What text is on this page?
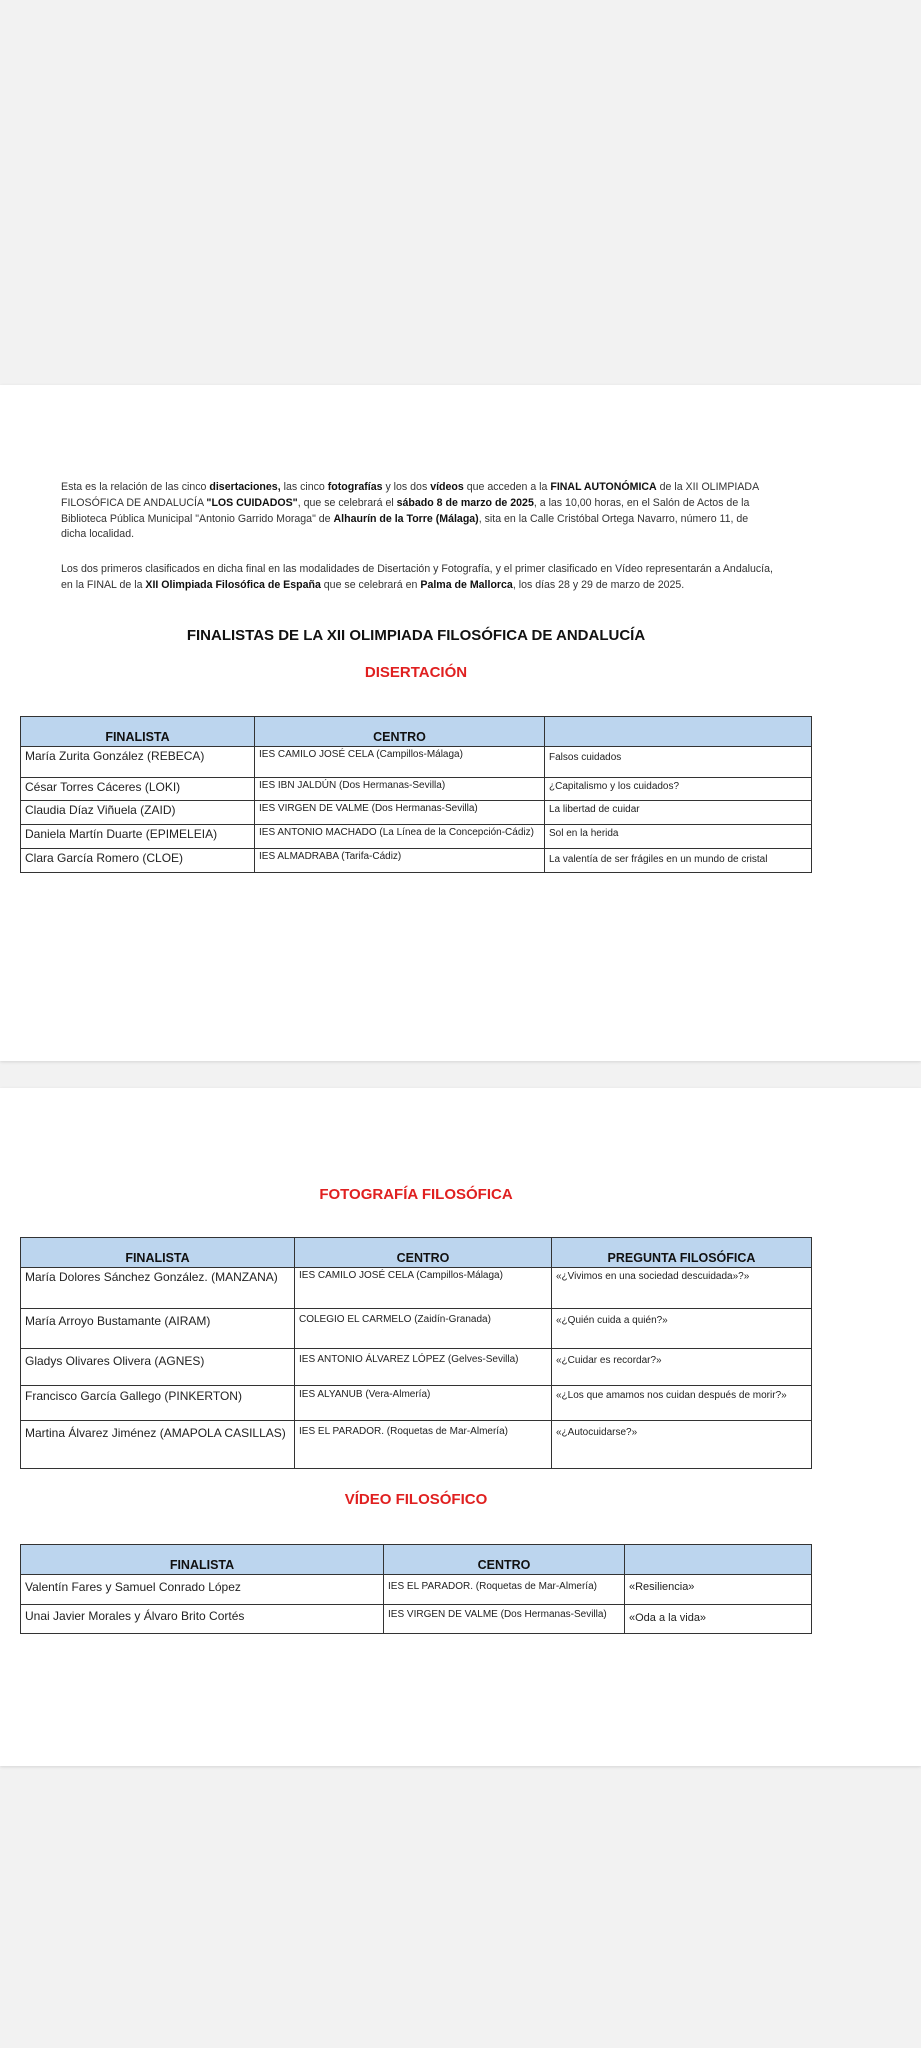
Esta es la relación de las cinco disertaciones, las cinco fotografías y los dos vídeos que acceden a la FINAL AUTONÓMICA de la XII OLIMPIADA FILOSÓFICA DE ANDALUCÍA "LOS CUIDADOS", que se celebrará el sábado 8 de marzo de 2025, a las 10,00 horas, en el Salón de Actos de la Biblioteca Pública Municipal "Antonio Garrido Moraga" de Alhaurín de la Torre (Málaga), sita en la Calle Cristóbal Ortega Navarro, número 11, de dicha localidad.

Los dos primeros clasificados en dicha final en las modalidades de Disertación y Fotografía, y el primer clasificado en Vídeo representarán a Andalucía, en la FINAL de la XII Olimpiada Filosófica de España que se celebrará en Palma de Mallorca, los días 28 y 29 de marzo de 2025.

FINALISTAS DE LA XII OLIMPIADA FILOSÓFICA DE ANDALUCÍA
DISERTACIÓN
FINALISTA	CENTRO	
María Zurita González (REBECA)	IES CAMILO JOSÉ CELA (Campillos-Málaga)	Falsos cuidados
César Torres Cáceres (LOKI)	IES IBN JALDÚN (Dos Hermanas-Sevilla)	¿Capitalismo y los cuidados?
Claudia Díaz Viñuela (ZAID)	IES VIRGEN DE VALME (Dos Hermanas-Sevilla)	La libertad de cuidar
Daniela Martín Duarte (EPIMELEIA)	IES ANTONIO MACHADO (La Línea de la Concepción-Cádiz)	Sol en la herida
Clara García Romero (CLOE)	IES ALMADRABA (Tarifa-Cádiz)	La valentía de ser frágiles en un mundo de cristal
FOTOGRAFÍA FILOSÓFICA
FINALISTA	CENTRO	PREGUNTA FILOSÓFICA
María Dolores Sánchez González. (MANZANA)	IES CAMILO JOSÉ CELA (Campillos-Málaga)	«¿Vivimos en una sociedad descuidada»?»
María Arroyo Bustamante (AIRAM)	COLEGIO EL CARMELO (Zaidín-Granada)	«¿Quién cuida a quién?»
Gladys Olivares Olivera (AGNES)	IES ANTONIO ÁLVAREZ LÓPEZ (Gelves-Sevilla)	«¿Cuidar es recordar?»
Francisco García Gallego (PINKERTON)	IES ALYANUB (Vera-Almería)	«¿Los que amamos nos cuidan después de morir?»
Martina Álvarez Jiménez (AMAPOLA CASILLAS)	IES EL PARADOR. (Roquetas de Mar-Almería)	«¿Autocuidarse?»
VÍDEO FILOSÓFICO
FINALISTA	CENTRO	
Valentín Fares y Samuel Conrado López	IES EL PARADOR. (Roquetas de Mar-Almería)	«Resiliencia»
Unai Javier Morales y Álvaro Brito Cortés	IES VIRGEN DE VALME (Dos Hermanas-Sevilla)	«Oda a la vida»
